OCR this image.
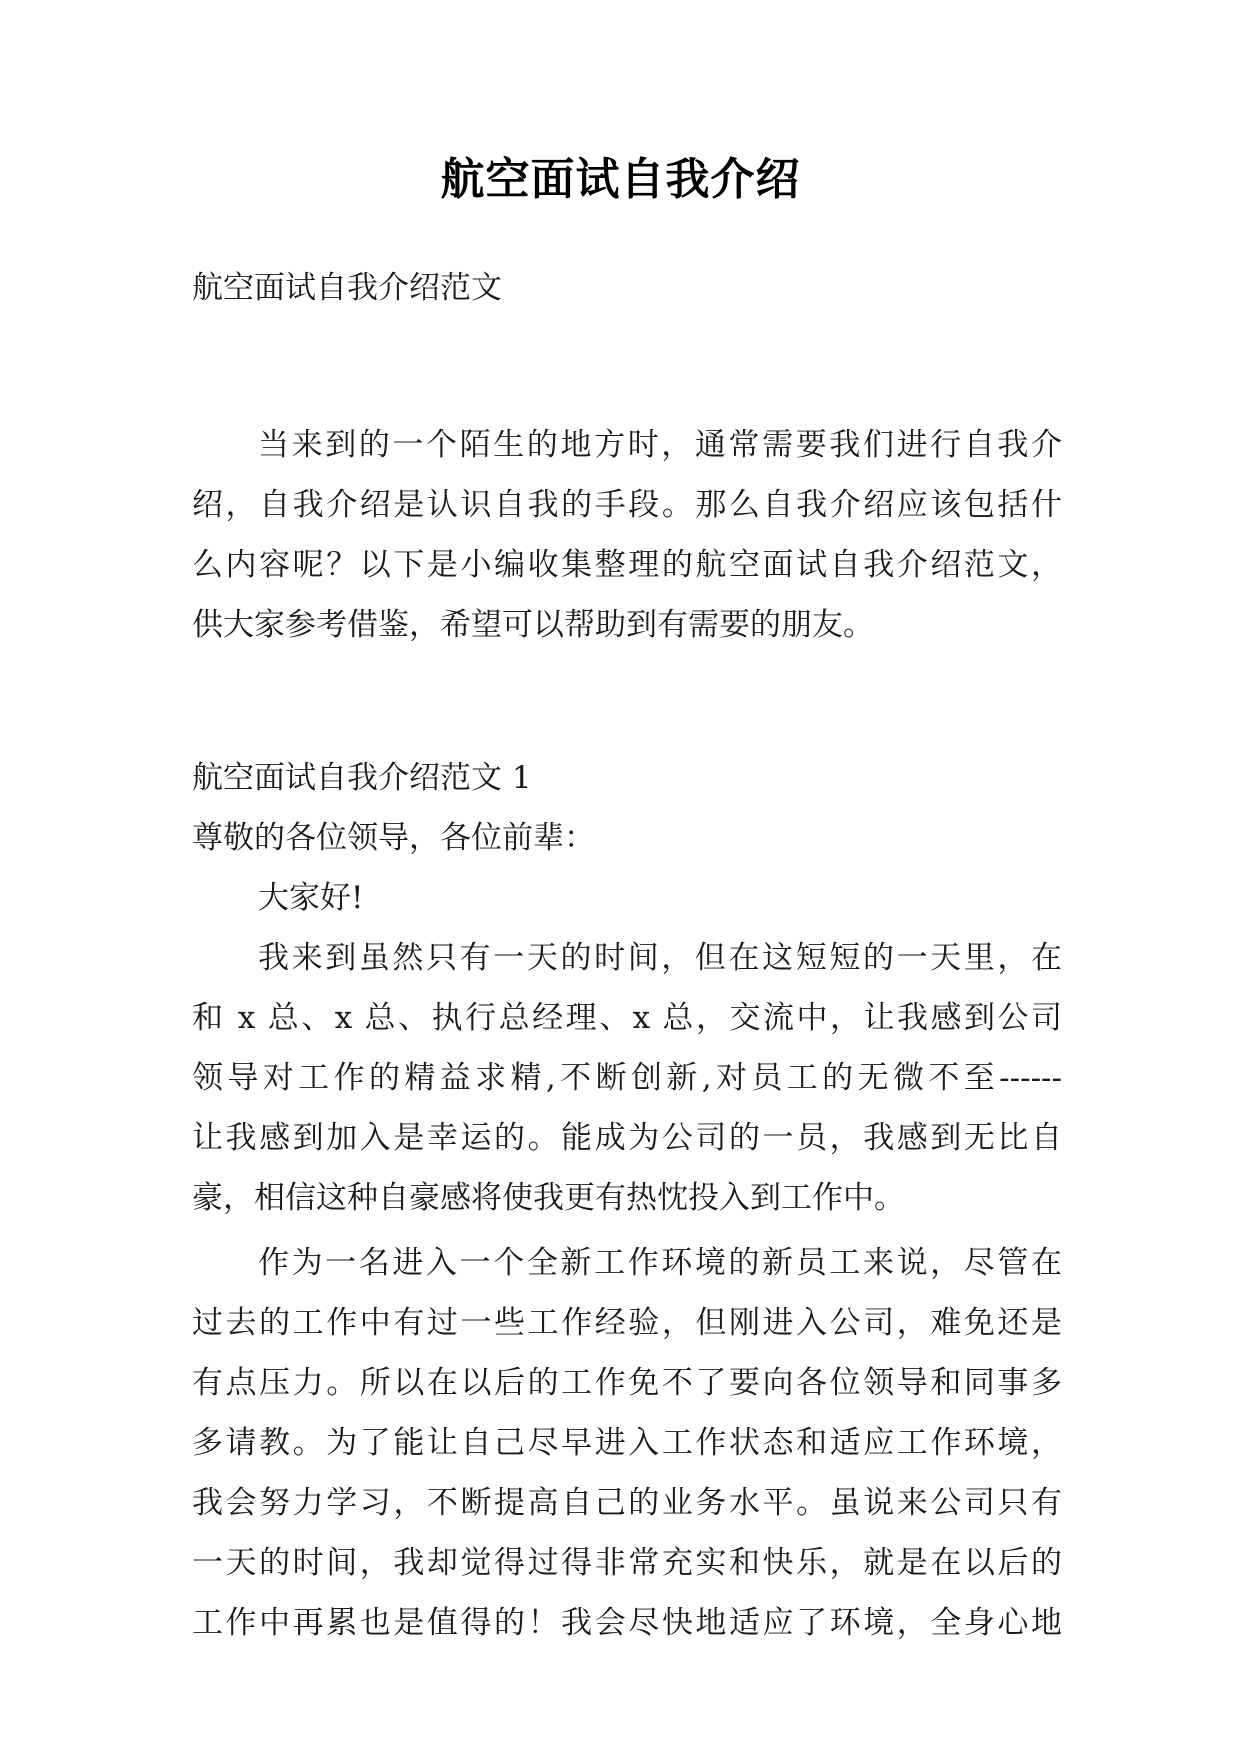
航空面试自我介绍
航空面试自我介绍范文
当来到的一个陌生的地方时，通常需要我们进行自我介
绍，自我介绍是认识自我的手段。那么自我介绍应该包括什
么内容呢？以下是小编收集整理的航空面试自我介绍范文，
供大家参考借鉴，希望可以帮助到有需要的朋友。
航空面试自我介绍范文 1
尊敬的各位领导，各位前辈：
大家好!
我来到虽然只有一天的时间，但在这短短的一天里，在
和 x 总、x 总、执行总经理、x 总，交流中，让我感到公司
领导对工作的精益求精,不断创新,对员工的无微不至------
让我感到加入是幸运的。能成为公司的一员，我感到无比自
豪，相信这种自豪感将使我更有热忱投入到工作中。
作为一名进入一个全新工作环境的新员工来说，尽管在
过去的工作中有过一些工作经验，但刚进入公司，难免还是
有点压力。所以在以后的工作免不了要向各位领导和同事多
多请教。为了能让自己尽早进入工作状态和适应工作环境，
我会努力学习，不断提高自己的业务水平。虽说来公司只有
一天的时间，我却觉得过得非常充实和快乐，就是在以后的
工作中再累也是值得的！我会尽快地适应了环境，全身心地
